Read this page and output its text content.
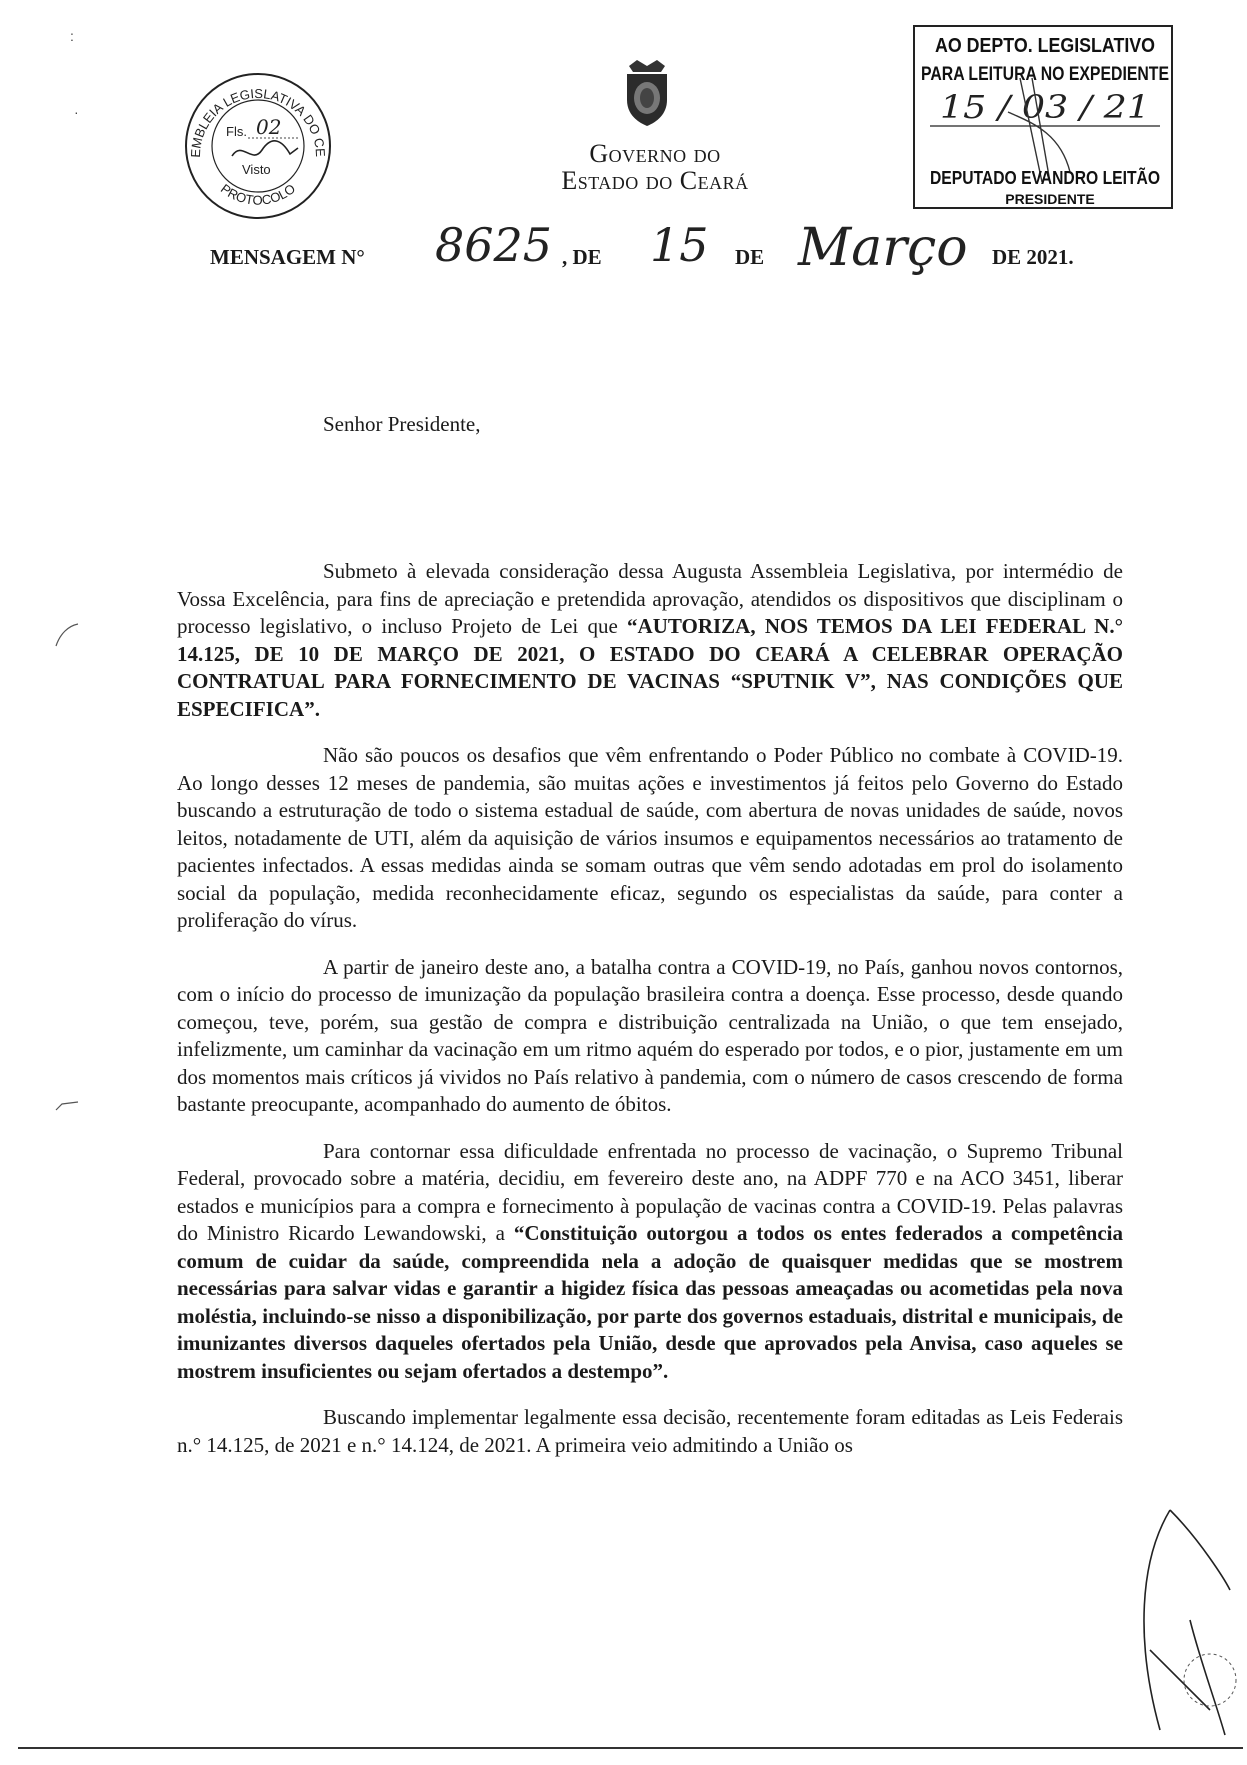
EMBLEIA LEGISLATIVA DO CE
PROTOCOLO
Fls. 02
Visto
Governo do
Estado do Ceará
AO DEPTO. LEGISLATIVO
PARA LEITURA NO EXPEDIENTE
15 / 03 / 21
DEPUTADO EVANDRO LEITÃO
PRESIDENTE
MENSAGEM N° 8625 , DE 15 DE Março DE 2021.
Senhor Presidente,

Submeto à elevada consideração dessa Augusta Assembleia Legislativa, por intermédio de Vossa Excelência, para fins de apreciação e pretendida aprovação, atendidos os dispositivos que disciplinam o processo legislativo, o incluso Projeto de Lei que “AUTORIZA, NOS TEMOS DA LEI FEDERAL N.° 14.125, DE 10 DE MARÇO DE 2021, O ESTADO DO CEARÁ A CELEBRAR OPERAÇÃO CONTRATUAL PARA FORNECIMENTO DE VACINAS “SPUTNIK V”, NAS CONDIÇÕES QUE ESPECIFICA”.

Não são poucos os desafios que vêm enfrentando o Poder Público no combate à COVID-19. Ao longo desses 12 meses de pandemia, são muitas ações e investimentos já feitos pelo Governo do Estado buscando a estruturação de todo o sistema estadual de saúde, com abertura de novas unidades de saúde, novos leitos, notadamente de UTI, além da aquisição de vários insumos e equipamentos necessários ao tratamento de pacientes infectados. A essas medidas ainda se somam outras que vêm sendo adotadas em prol do isolamento social da população, medida reconhecidamente eficaz, segundo os especialistas da saúde, para conter a proliferação do vírus.

A partir de janeiro deste ano, a batalha contra a COVID-19, no País, ganhou novos contornos, com o início do processo de imunização da população brasileira contra a doença. Esse processo, desde quando começou, teve, porém, sua gestão de compra e distribuição centralizada na União, o que tem ensejado, infelizmente, um caminhar da vacinação em um ritmo aquém do esperado por todos, e o pior, justamente em um dos momentos mais críticos já vividos no País relativo à pandemia, com o número de casos crescendo de forma bastante preocupante, acompanhado do aumento de óbitos.

Para contornar essa dificuldade enfrentada no processo de vacinação, o Supremo Tribunal Federal, provocado sobre a matéria, decidiu, em fevereiro deste ano, na ADPF 770 e na ACO 3451, liberar estados e municípios para a compra e fornecimento à população de vacinas contra a COVID-19. Pelas palavras do Ministro Ricardo Lewandowski, a “Constituição outorgou a todos os entes federados a competência comum de cuidar da saúde, compreendida nela a adoção de quaisquer medidas que se mostrem necessárias para salvar vidas e garantir a higidez física das pessoas ameaçadas ou acometidas pela nova moléstia, incluindo-se nisso a disponibilização, por parte dos governos estaduais, distrital e municipais, de imunizantes diversos daqueles ofertados pela União, desde que aprovados pela Anvisa, caso aqueles se mostrem insuficientes ou sejam ofertados a destempo”.

Buscando implementar legalmente essa decisão, recentemente foram editadas as Leis Federais n.° 14.125, de 2021 e n.° 14.124, de 2021. A primeira veio admitindo a União os

:
·
